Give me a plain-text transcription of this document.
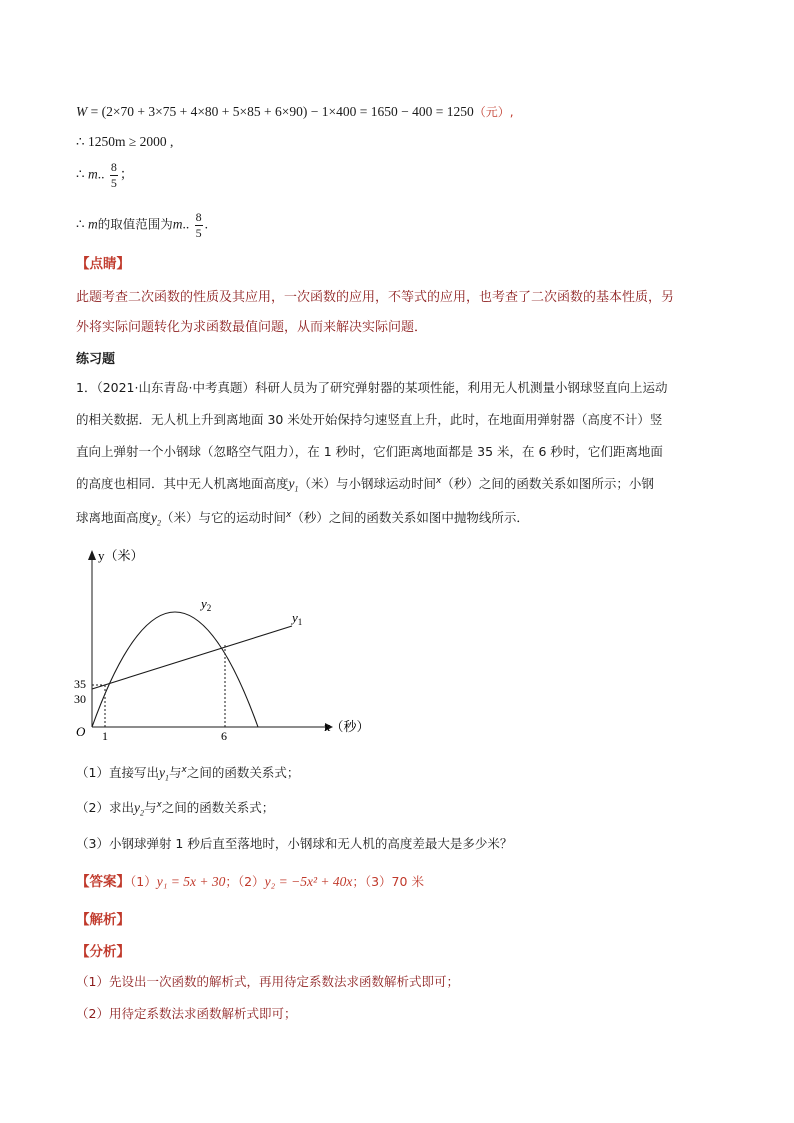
W = (2×70 + 3×75 + 4×80 + 5×85 + 6×90) − 1×400 = 1650 − 400 = 1250（元）,
∴ 1250m ≥ 2000 ,
∴ m.. $\frac{8}{5}$ ；
∴ m的取值范围为m.. $\frac{8}{5}$ .
【点睛】
此题考查二次函数的性质及其应用，一次函数的应用，不等式的应用，也考查了二次函数的基本性质，另
外将实际问题转化为求函数最值问题，从而来解决实际问题．
练习题
1．（2021·山东青岛·中考真题）科研人员为了研究弹射器的某项性能，利用无人机测量小钢球竖直向上运动
的相关数据．无人机上升到离地面 30 米处开始保持匀速竖直上升，此时，在地面用弹射器（高度不计）竖
直向上弹射一个小钢球（忽略空气阻力），在 1 秒时，它们距离地面都是 35 米，在 6 秒时，它们距离地面
的高度也相同．其中无人机离地面高度$y_1$（米）与小钢球运动时间$^x$（秒）之间的函数关系如图所示；小钢
球离地面高度$y_2$（米）与它的运动时间$^x$（秒）之间的函数关系如图中抛物线所示．
y（米）
x（秒）
O
35
30
1	6
$y_2$
$y_1$
（1）直接写出$y_1$与$^x$之间的函数关系式；
（2）求出$y_2$与$^x$之间的函数关系式；
（3）小钢球弹射 1 秒后直至落地时，小钢球和无人机的高度差最大是多少米？
【答案】（1）y₁ = 5x + 30；（2）y₂ = −5x² + 40x；（3）70 米
【解析】
【分析】
（1）先设出一次函数的解析式，再用待定系数法求函数解析式即可；
（2）用待定系数法求函数解析式即可；
